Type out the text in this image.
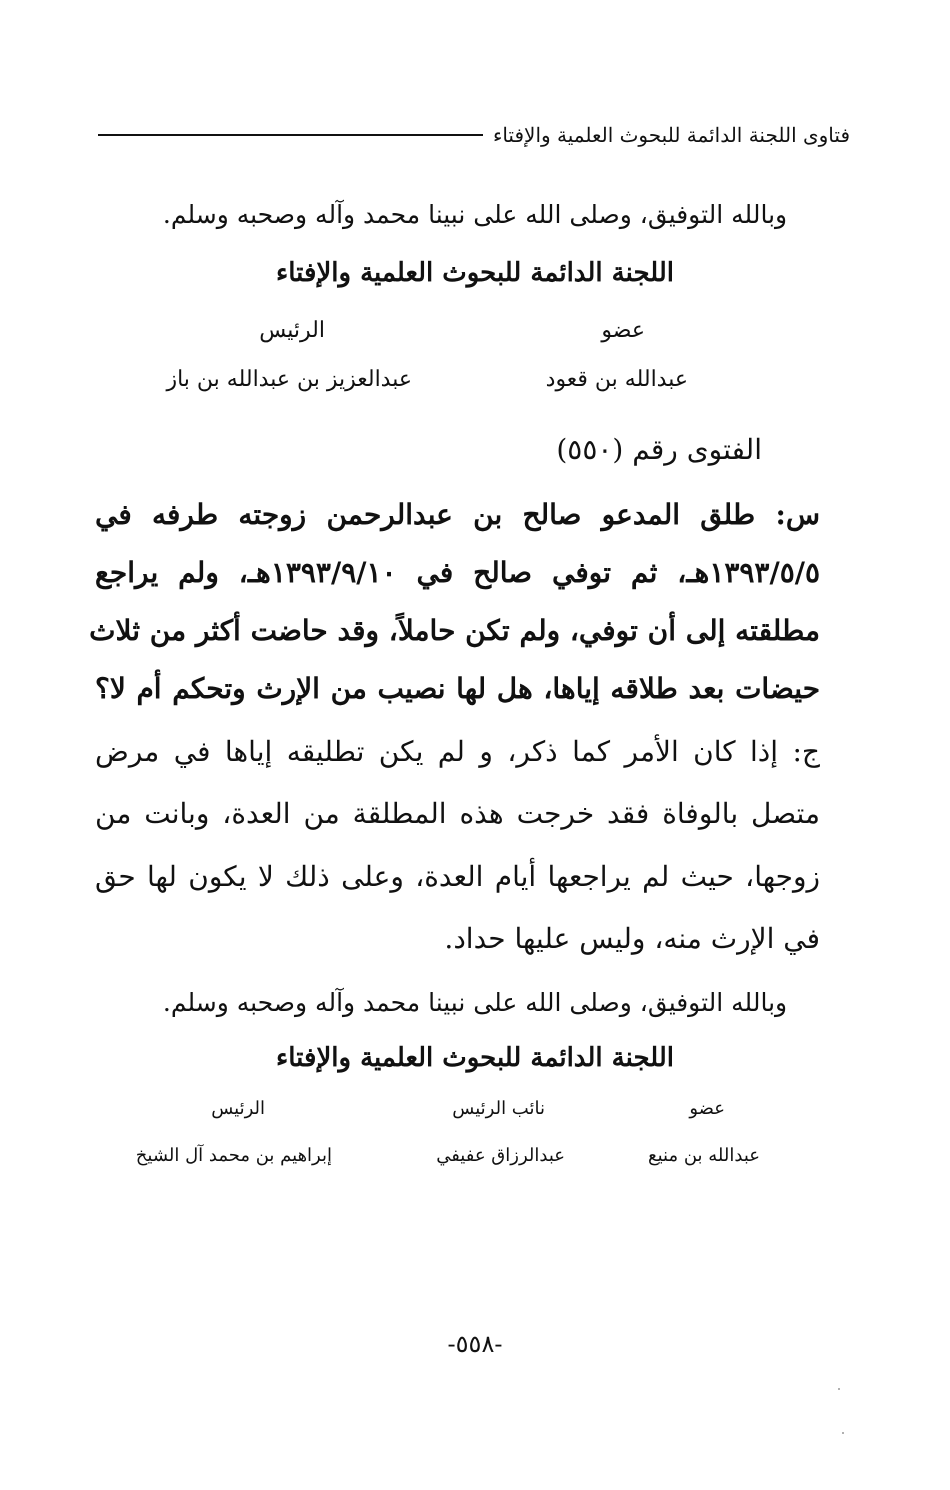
فتاوى اللجنة الدائمة للبحوث العلمية والإفتاء
وبالله التوفيق، وصلى الله على نبينا محمد وآله وصحبه وسلم.
اللجنة الدائمة للبحوث العلمية والإفتاء
عضو
الرئيس
عبدالله بن قعود
عبدالعزيز بن عبدالله بن باز
الفتوى رقم (٥٥٠)
س: طلق المدعو صالح بن عبدالرحمن زوجته طرفه في
١٣٩٣/٥/٥هـ، ثم توفي صالح في ١٣٩٣/٩/١٠هـ، ولم يراجع
مطلقته إلى أن توفي، ولم تكن حاملاً، وقد حاضت أكثر من ثلاث
حيضات بعد طلاقه إياها، هل لها نصيب من الإرث وتحكم أم لا؟
ج: إذا كان الأمر كما ذكر، و لم يكن تطليقه إياها في مرض
متصل بالوفاة فقد خرجت هذه المطلقة من العدة، وبانت من
زوجها، حيث لم يراجعها أيام العدة، وعلى ذلك لا يكون لها حق
في الإرث منه، وليس عليها حداد.
وبالله التوفيق، وصلى الله على نبينا محمد وآله وصحبه وسلم.
اللجنة الدائمة للبحوث العلمية والإفتاء
عضو
نائب الرئيس
الرئيس
عبدالله بن منيع
عبدالرزاق عفيفي
إبراهيم بن محمد آل الشيخ
-٥٥٨-
